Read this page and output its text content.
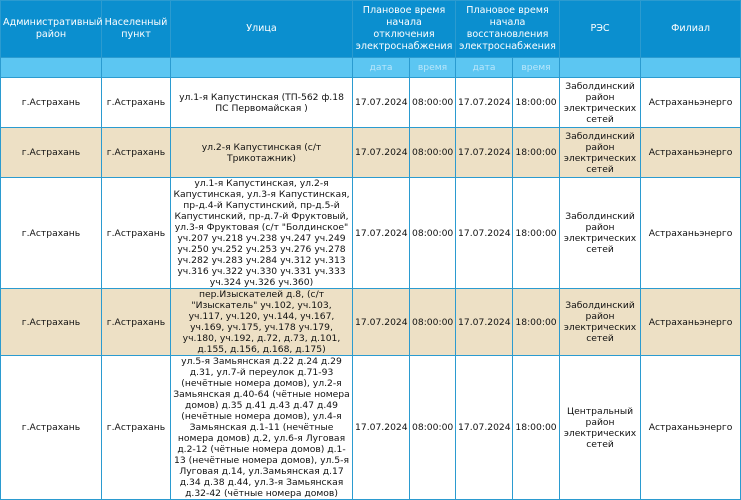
Административный район	Населенный пункт	Улица	Плановое время начала отключения электроснабжения		Плановое время начала восстановления электроснабжения		РЭС	Филиал
			дата	время	дата	время		
г.Астрахань	г.Астрахань	ул.1-я Капустинская (ТП-562 ф.18 ПС Первомайская )	17.07.2024	08:00:00	17.07.2024	18:00:00	Заболдинский район электрических сетей	Астраханьэнерго
г.Астрахань	г.Астрахань	ул.2-я Капустинская (с/т Трикотажник)	17.07.2024	08:00:00	17.07.2024	18:00:00	Заболдинский район электрических сетей	Астраханьэнерго
г.Астрахань	г.Астрахань	ул.1-я Капустинская, ул.2-я Капустинская, ул.3-я Капустинская, пр-д.4-й Капустинский, пр-д.5-й Капустинский, пр-д.7-й Фруктовый, ул.3-я Фруктовая (с/т "Болдинское" уч.207 уч.218 уч.238 уч.247 уч.249 уч.250 уч.252 уч.253 уч.276 уч.278 уч.282 уч.283 уч.284 уч.312 уч.313 уч.316 уч.322 уч.330 уч.331 уч.333 уч.324 уч.326 уч.360)	17.07.2024	08:00:00	17.07.2024	18:00:00	Заболдинский район электрических сетей	Астраханьэнерго
г.Астрахань	г.Астрахань	пер.Изыскателей д.8, (с/т "Изыскатель" уч.102, уч.103, уч.117, уч.120, уч.144, уч.167, уч.169, уч.175, уч.178 уч.179, уч.180, уч.192, д.72, д.73, д.101, д.155, д.156, д.168, д.175)	17.07.2024	08:00:00	17.07.2024	18:00:00	Заболдинский район электрических сетей	Астраханьэнерго
г.Астрахань	г.Астрахань	ул.5-я Замьянская д.22 д.24 д.29 д.31, ул.7-й переулок д.71-93 (нечётные номера домов), ул.2-я Замьянская д.40-64 (чётные номера домов) д.35 д.41 д.43 д.47 д.49 (нечётные номера домов), ул.4-я Замьянская д.1-11 (нечётные номера домов) д.2, ул.6-я Луговая д.2-12 (чётные номера домов) д.1-13 (нечётные номера домов), ул.5-я Луговая д.14, ул.Замьянская д.17 д.34 д.38 д.44, ул.3-я Замьянская д.32-42 (чётные номера домов)	17.07.2024	08:00:00	17.07.2024	18:00:00	Центральный район электрических сетей	Астраханьэнерго
